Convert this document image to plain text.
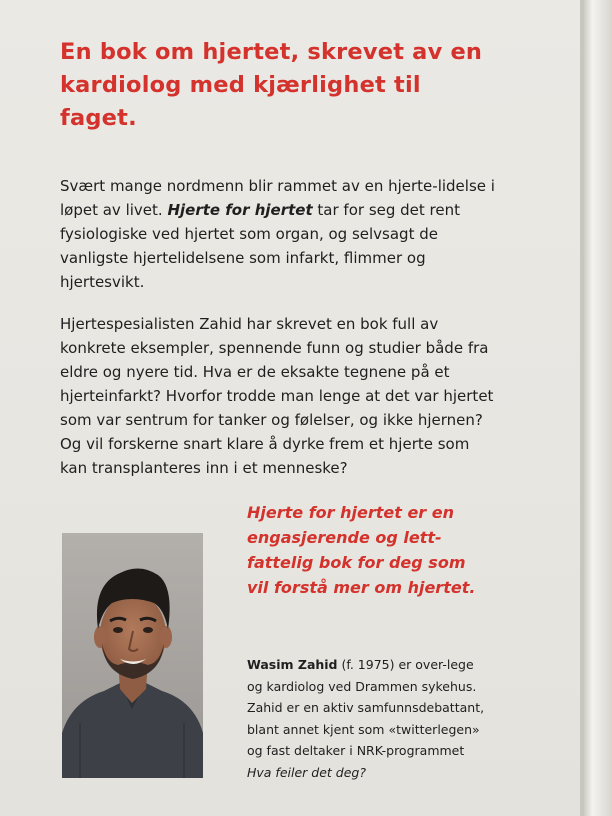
En bok om hjertet, skrevet av en kardiolog med kjærlighet til faget.

Svært mange nordmenn blir rammet av en hjerte-lidelse i løpet av livet. Hjerte for hjertet tar for seg det rent fysiologiske ved hjertet som organ, og selvsagt de vanligste hjertelidelsene som infarkt, flimmer og hjertesvikt.

Hjertespesialisten Zahid har skrevet en bok full av konkrete eksempler, spennende funn og studier både fra eldre og nyere tid. Hva er de eksakte tegnene på et hjerteinfarkt? Hvorfor trodde man lenge at det var hjertet som var sentrum for tanker og følelser, og ikke hjernen? Og vil forskerne snart klare å dyrke frem et hjerte som kan transplanteres inn i et menneske?

Hjerte for hjertet er en engasjerende og lett-fattelig bok for deg som vil forstå mer om hjertet.

Wasim Zahid (f. 1975) er over-lege og kardiolog ved Drammen sykehus. Zahid er en aktiv samfunnsdebattant, blant annet kjent som «twitterlegen» og fast deltaker i NRK-programmet Hva feiler det deg?
